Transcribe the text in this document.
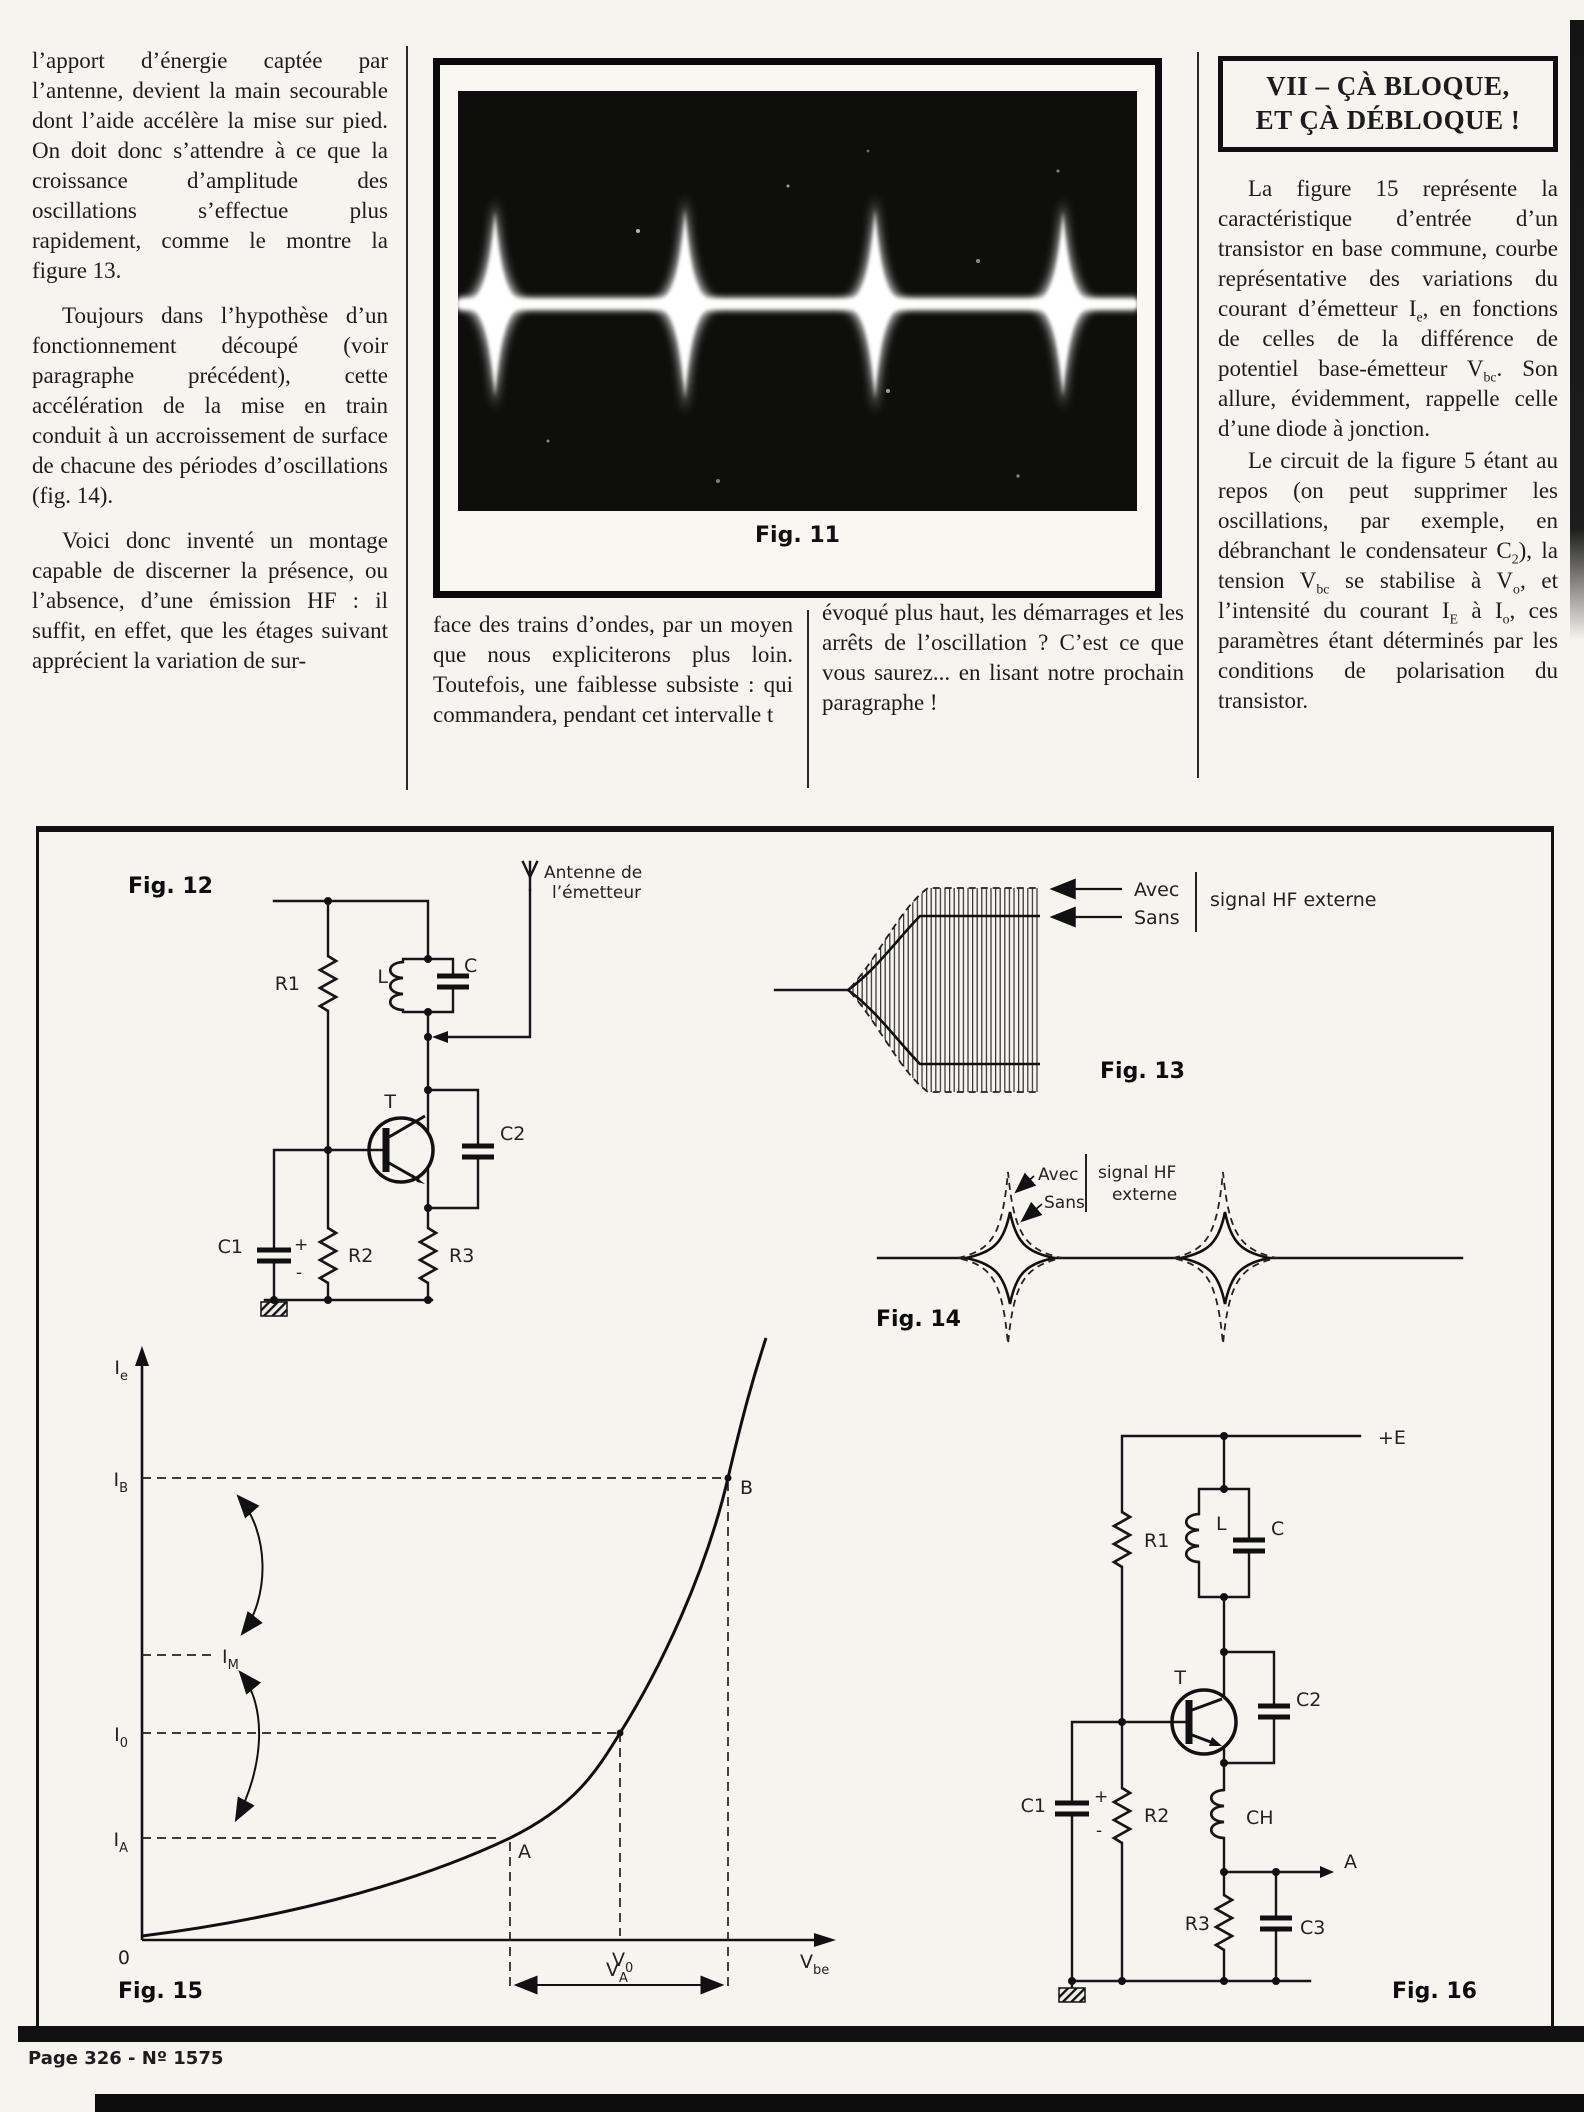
l’apport d’énergie captée par l’antenne, devient la main secourable dont l’aide accélère la mise sur pied. On doit donc s’attendre à ce que la croissance d’amplitude des oscillations s’effectue plus rapidement, comme le montre la figure 13.

Toujours dans l’hypothèse d’un fonctionnement découpé (voir paragraphe précédent), cette accélération de la mise en train conduit à un accroissement de surface de chacune des périodes d’oscillations (fig. 14).

Voici donc inventé un montage capable de discerner la présence, ou l’absence, d’une émission HF : il suffit, en effet, que les étages suivant apprécient la variation de sur-

Fig. 11

face des trains d’ondes, par un moyen que nous expliciterons plus loin. Toutefois, une faiblesse subsiste : qui commandera, pendant cet intervalle t

évoqué plus haut, les démarrages et les arrêts de l’oscillation ? C’est ce que vous saurez... en lisant notre prochain paragraphe !

VII – ÇÀ BLOQUE,
ET ÇÀ DÉBLOQUE !

La figure 15 représente la caractéristique d’entrée d’un transistor en base commune, courbe représentative des variations du courant d’émetteur $I_e$, en fonctions de celles de la différence de potentiel base-émetteur $V_{bc}$. Son allure, évidemment, rappelle celle d’une diode à jonction.

Le circuit de la figure 5 étant au repos (on peut supprimer les oscillations, par exemple, en débranchant le condensateur $C_2$), la tension $V_{bc}$ se stabilise à $V_o$, et l’intensité du courant $I_E$ à $I_o$, ces paramètres étant déterminés par les conditions de polarisation du transistor.

Fig. 12
Antenne de
l’émetteur
R1	L	C
T
C2
C1	R2	R3
+
-
Avec
Sans
signal HF externe
Fig. 13
Avec
Sans
signal HF
externe
Fig. 14
$I_e$
$I_B$
$I_M$
$I_0$
$I_A$
0	$V_0$
$V_A$
$V_{be}$
A
B
Fig. 15
+E
R1
L C
T
C2
C1	R2	CH
A
R3	C3
+
-
Fig. 16
Page 326 - Nº 1575
